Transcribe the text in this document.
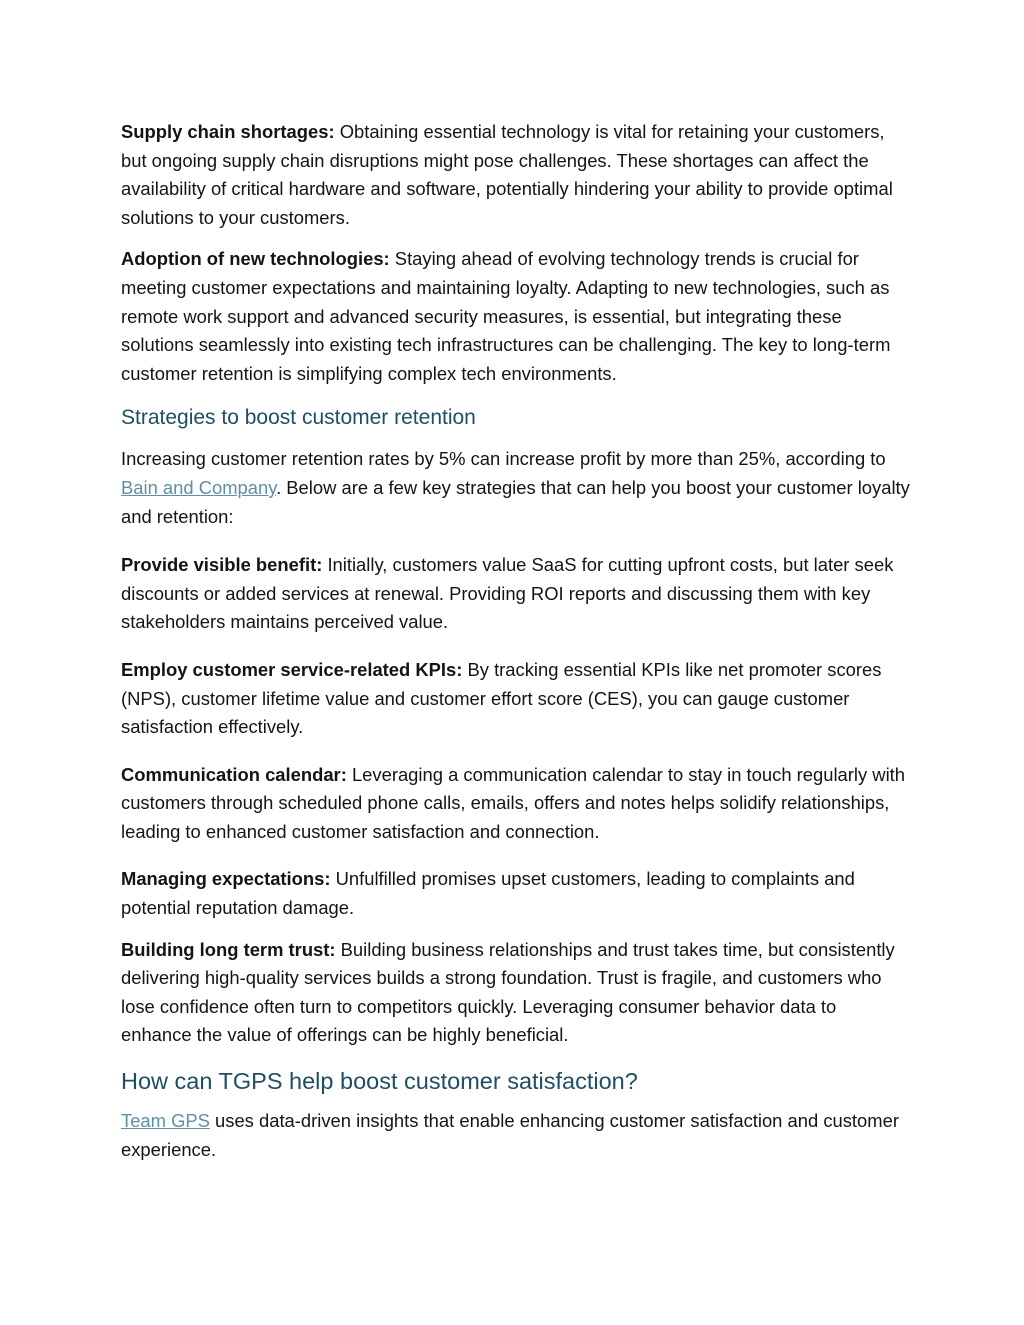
Supply chain shortages: Obtaining essential technology is vital for retaining your customers, but ongoing supply chain disruptions might pose challenges. These shortages can affect the availability of critical hardware and software, potentially hindering your ability to provide optimal solutions to your customers.

Adoption of new technologies: Staying ahead of evolving technology trends is crucial for meeting customer expectations and maintaining loyalty. Adapting to new technologies, such as remote work support and advanced security measures, is essential, but integrating these solutions seamlessly into existing tech infrastructures can be challenging. The key to long-term customer retention is simplifying complex tech environments.

Strategies to boost customer retention

Increasing customer retention rates by 5% can increase profit by more than 25%, according to Bain and Company. Below are a few key strategies that can help you boost your customer loyalty and retention:

Provide visible benefit: Initially, customers value SaaS for cutting upfront costs, but later seek discounts or added services at renewal. Providing ROI reports and discussing them with key stakeholders maintains perceived value.

Employ customer service-related KPIs: By tracking essential KPIs like net promoter scores (NPS), customer lifetime value and customer effort score (CES), you can gauge customer satisfaction effectively.

Communication calendar: Leveraging a communication calendar to stay in touch regularly with customers through scheduled phone calls, emails, offers and notes helps solidify relationships, leading to enhanced customer satisfaction and connection.

Managing expectations: Unfulfilled promises upset customers, leading to complaints and potential reputation damage.

Building long term trust: Building business relationships and trust takes time, but consistently delivering high-quality services builds a strong foundation. Trust is fragile, and customers who lose confidence often turn to competitors quickly. Leveraging consumer behavior data to enhance the value of offerings can be highly beneficial.

How can TGPS help boost customer satisfaction?

Team GPS uses data-driven insights that enable enhancing customer satisfaction and customer experience.
